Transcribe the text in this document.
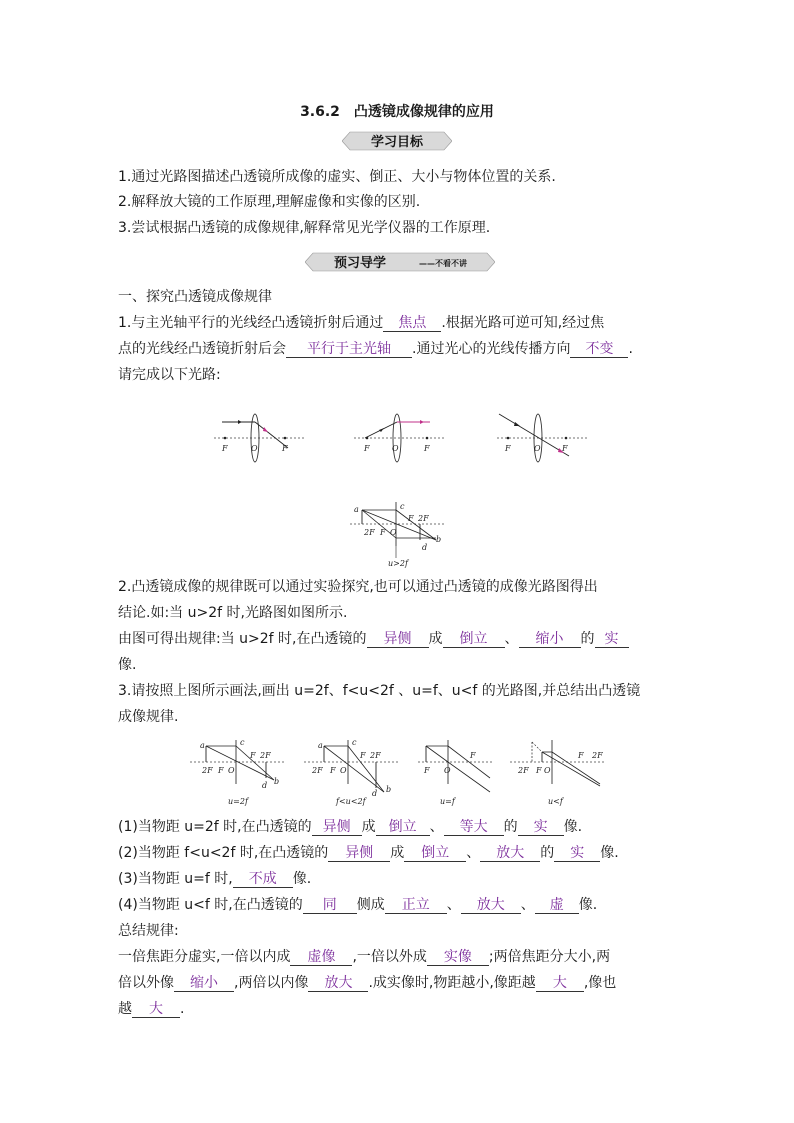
3.6.2　凸透镜成像规律的应用
学习目标
1.通过光路图描述凸透镜所成像的虚实、倒正、大小与物体位置的关系.
2.解释放大镜的工作原理,理解虚像和实像的区别.
3.尝试根据凸透镜的成像规律,解释常见光学仪器的工作原理.
预习导学	——不看不讲
一、探究凸透镜成像规律
1.与主光轴平行的光线经凸透镜折射后通过 焦点 .根据光路可逆可知,经过焦
点的光线经凸透镜折射后会 平行于主光轴 .通过光心的光线传播方向 不变 .
请完成以下光路:
F	O	F	F	O	F	F	O	F
a	c
F 2F
2F F O
b
d
u>2f
2.凸透镜成像的规律既可以通过实验探究,也可以通过凸透镜的成像光路图得出
结论.如:当 u>2f 时,光路图如图所示.
由图可得出规律:当 u>2f 时,在凸透镜的 异侧 成 倒立 、 缩小 的 实
像.
3.请按照上图所示画法,画出 u=2f、f<u<2f 、u=f、u<f 的光路图,并总结出凸透镜
成像规律.
a	c
F 2F
2F F O
b
d
u=2f
a	c
F 2F
2F F O
b
d
f<u<2f
F O
F
u=f
2F F O
F 2F
u<f
(1)当物距 u=2f 时,在凸透镜的 异侧 成 倒立 、 等大 的 实 像.
(2)当物距 f<u<2f 时,在凸透镜的 异侧 成 倒立 、 放大 的 实 像.
(3)当物距 u=f 时, 不成 像.
(4)当物距 u<f 时,在凸透镜的 同 侧成 正立 、 放大 、 虚 像.
总结规律:
一倍焦距分虚实,一倍以内成 虚像 ,一倍以外成 实像 ;两倍焦距分大小,两
倍以外像 缩小 ,两倍以内像 放大 .成实像时,物距越小,像距越 大 ,像也
越 大 .
